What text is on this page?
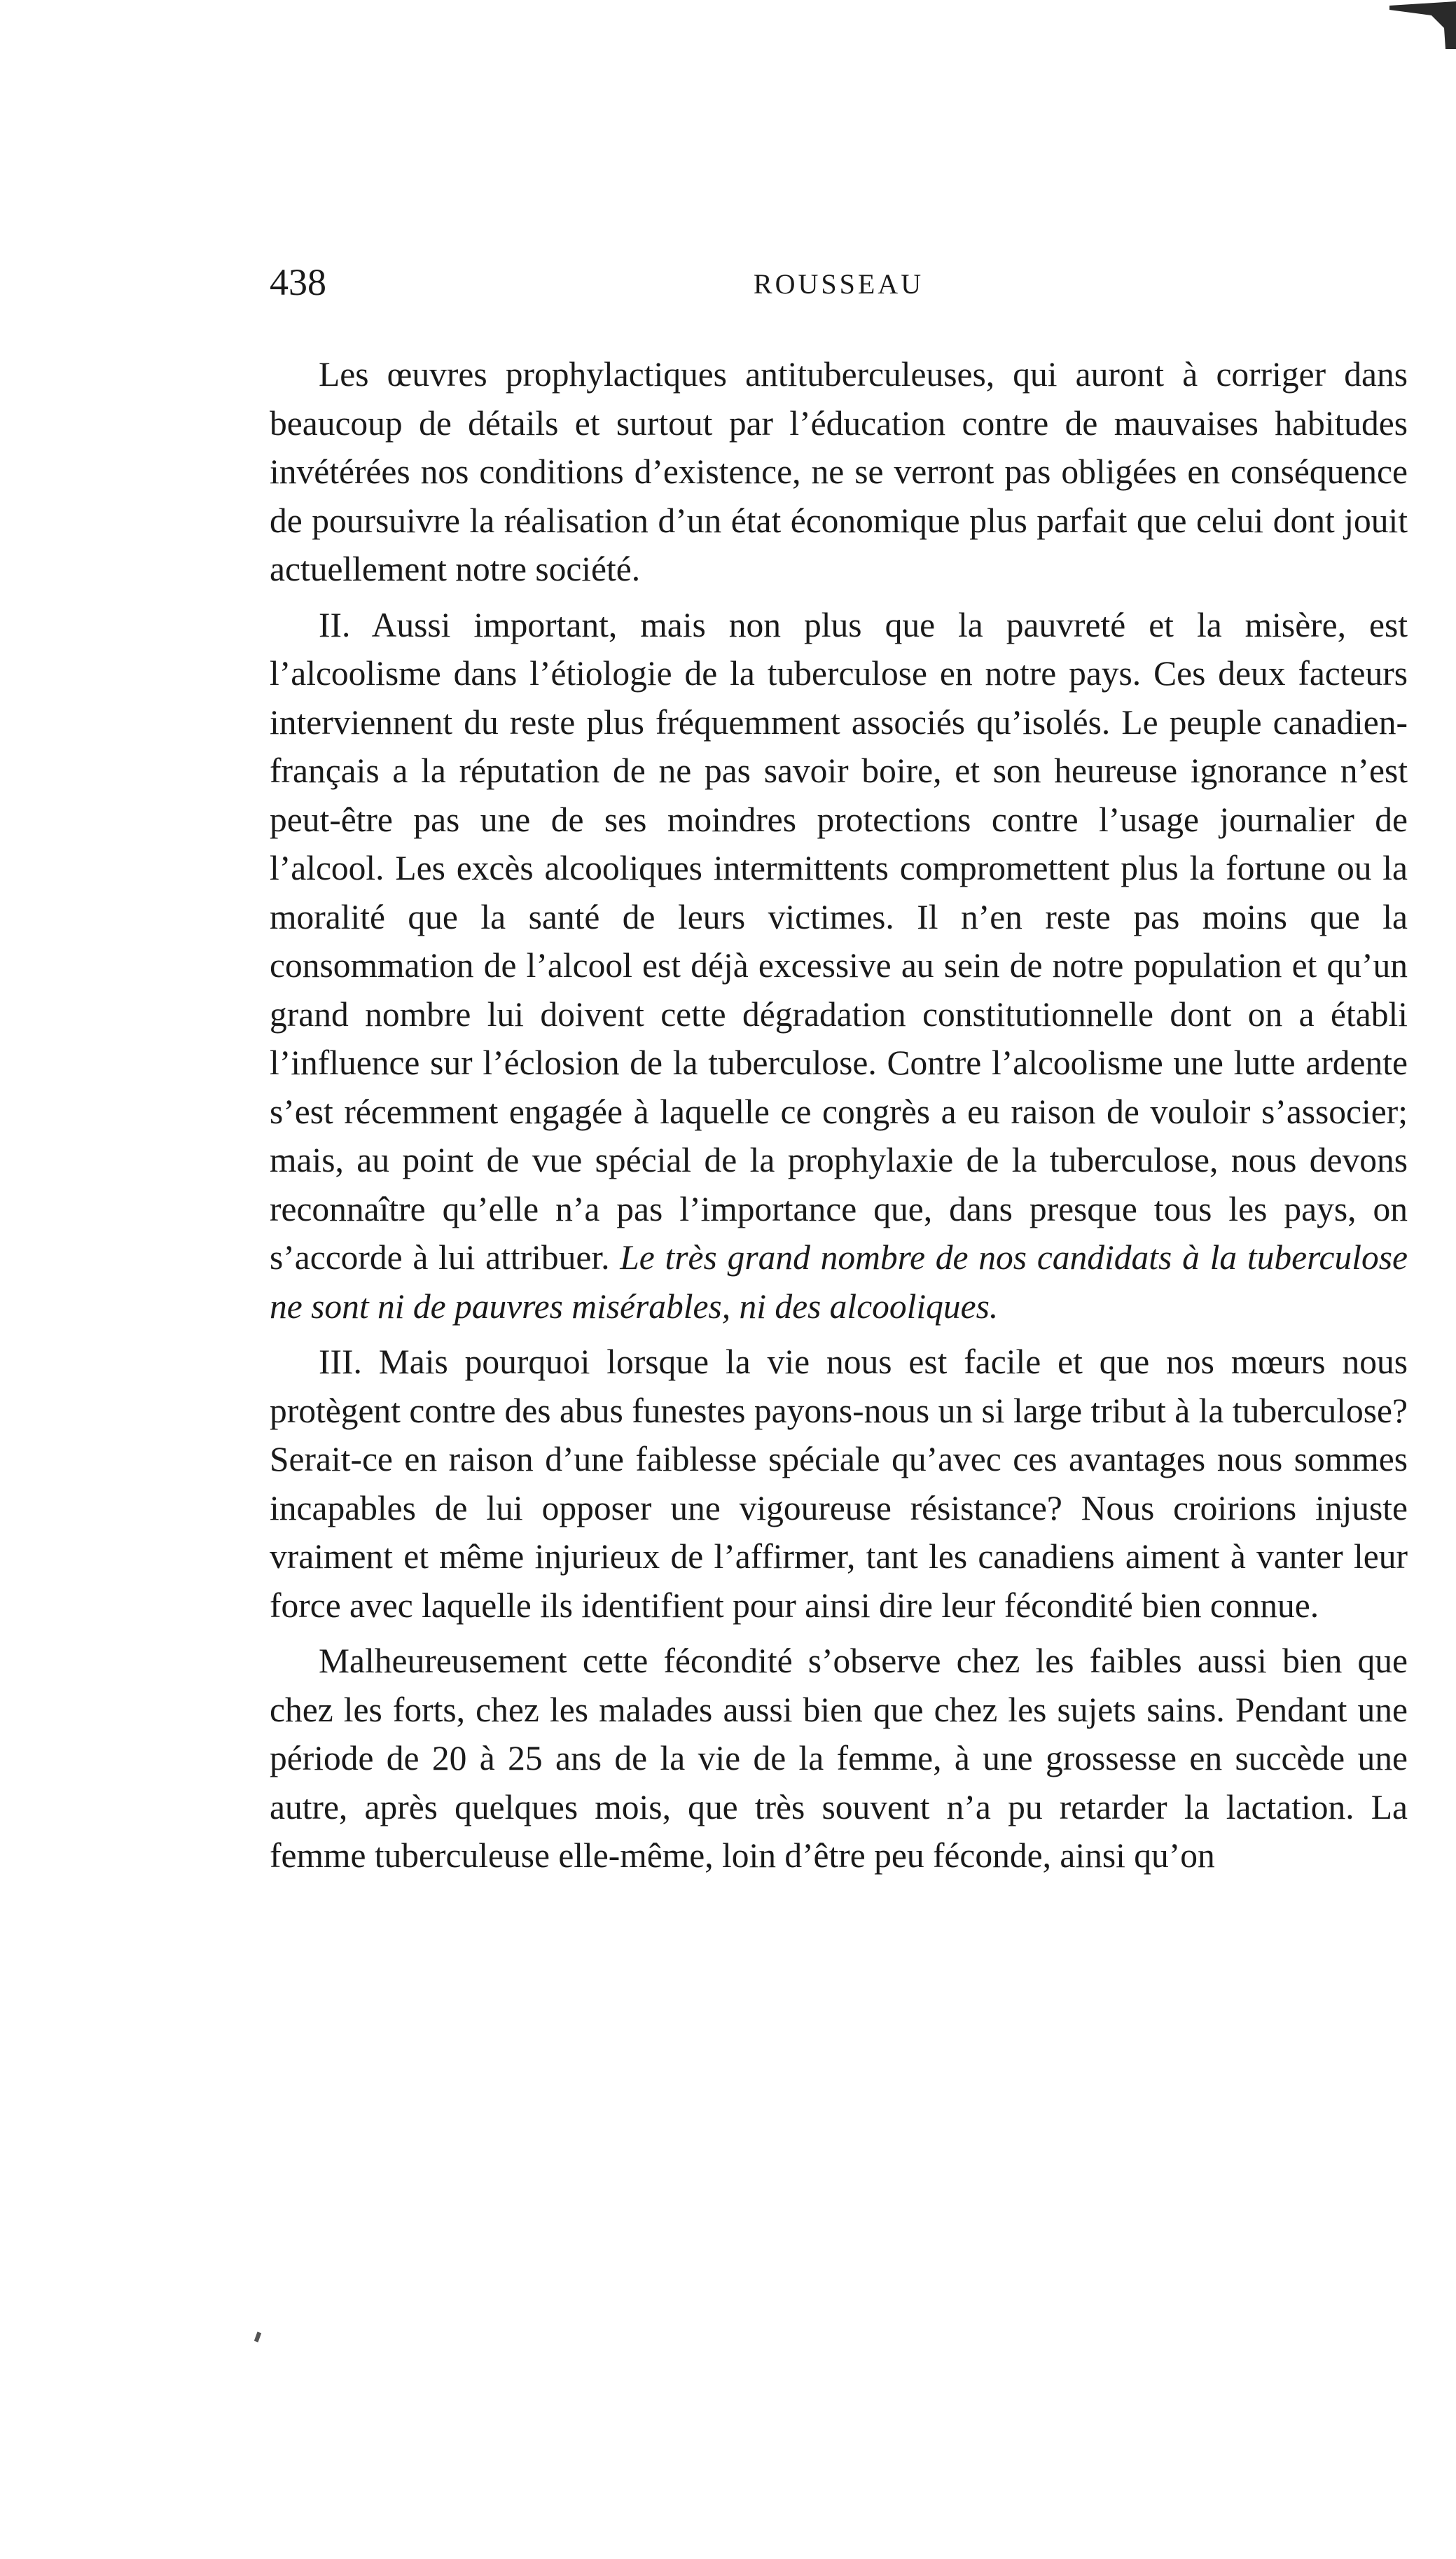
438	ROUSSEAU

Les œuvres prophylactiques antituberculeuses, qui auront à corriger dans beaucoup de détails et surtout par l’éducation contre de mauvaises habitudes invétérées nos conditions d’existence, ne se verront pas obligées en conséquence de poursuivre la réalisation d’un état économique plus parfait que celui dont jouit actuellement notre société.

II. Aussi important, mais non plus que la pauvreté et la misère, est l’alcoolisme dans l’étiologie de la tuberculose en notre pays. Ces deux facteurs interviennent du reste plus fréquemment associés qu’isolés. Le peuple canadien-français a la réputation de ne pas savoir boire, et son heureuse ignorance n’est peut-être pas une de ses moindres protections contre l’usage journalier de l’alcool. Les excès alcooliques intermittents compromettent plus la fortune ou la moralité que la santé de leurs victimes. Il n’en reste pas moins que la consommation de l’alcool est déjà excessive au sein de notre population et qu’un grand nombre lui doivent cette dégradation constitutionnelle dont on a établi l’influence sur l’éclosion de la tuberculose. Contre l’alcoolisme une lutte ardente s’est récemment engagée à laquelle ce congrès a eu raison de vouloir s’associer; mais, au point de vue spécial de la prophylaxie de la tuberculose, nous devons reconnaître qu’elle n’a pas l’importance que, dans presque tous les pays, on s’accorde à lui attribuer. Le très grand nombre de nos candidats à la tuberculose ne sont ni de pauvres misérables, ni des alcooliques.

III. Mais pourquoi lorsque la vie nous est facile et que nos mœurs nous protègent contre des abus funestes payons-nous un si large tribut à la tuberculose? Serait-ce en raison d’une faiblesse spéciale qu’avec ces avantages nous sommes incapables de lui opposer une vigoureuse résistance? Nous croirions injuste vraiment et même injurieux de l’affirmer, tant les canadiens aiment à vanter leur force avec laquelle ils identifient pour ainsi dire leur fécondité bien connue.

Malheureusement cette fécondité s’observe chez les faibles aussi bien que chez les forts, chez les malades aussi bien que chez les sujets sains. Pendant une période de 20 à 25 ans de la vie de la femme, à une grossesse en succède une autre, après quelques mois, que très souvent n’a pu retarder la lactation. La femme tuberculeuse elle-même, loin d’être peu féconde, ainsi qu’on
